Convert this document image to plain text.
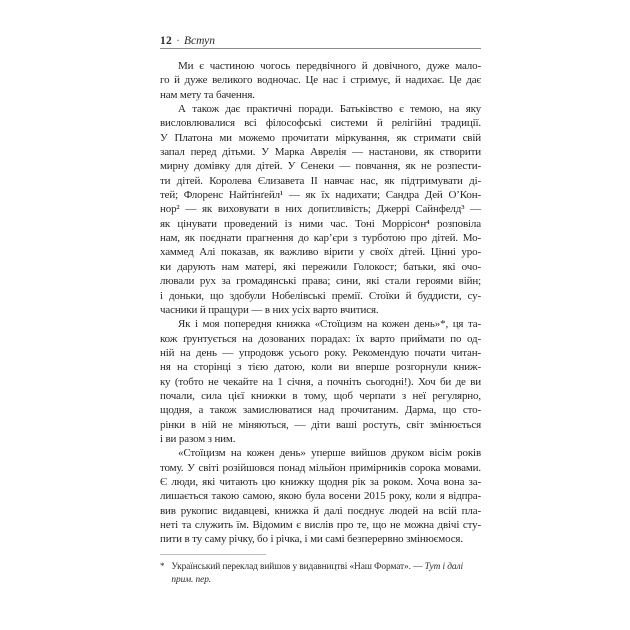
12 · Вступ
Ми є частиною чогось передвічного й довічного, дуже мало-
го й дуже великого водночас. Це нас і стримує, й надихає. Це дає
нам мету та бачення.
А також дає практичні поради. Батьківство є темою, на яку
висловлювалися всі філософські системи й релігійні традиції.
У Платона ми можемо прочитати міркування, як стримати свій
запал перед дітьми. У Марка Аврелія — настанови, як створити
мирну домівку для дітей. У Сенеки — повчання, як не розпести-
ти дітей. Королева Єлизавета II навчає нас, як підтримувати ді-
тей; Флоренс Найтінґейл¹ — як їх надихати; Сандра Дей О’Кон-
нор² — як виховувати в них допитливість; Джеррі Сайнфелд³ —
як цінувати проведений із ними час. Тоні Моррісон⁴ розповіла
нам, як поєднати прагнення до кар’єри з турботою про дітей. Мо-
хаммед Алі показав, як важливо вірити у своїх дітей. Цінні уро-
ки дарують нам матері, які пережили Голокост; батьки, які очо-
лювали рух за громадянські права; сини, які стали героями війн;
і доньки, що здобули Нобелівські премії. Стоїки й буддисти, су-
часники й пращури — в них усіх варто вчитися.
Як і моя попередня книжка «Стоїцизм на кожен день»*, ця та-
кож ґрунтується на дозованих порадах: їх варто приймати по од-
ній на день — упродовж усього року. Рекомендую почати читан-
ня на сторінці з тією датою, коли ви вперше розгорнули книж-
ку (тобто не чекайте на 1 січня, а почніть сьогодні!). Хоч би де ви
почали, сила цієї книжки в тому, щоб черпати з неї регулярно,
щодня, а також замислюватися над прочитаним. Дарма, що сто-
рінки в ній не міняються, — діти ваші ростуть, світ змінюється
і ви разом з ним.
«Стоїцизм на кожен день» уперше вийшов друком вісім років
тому. У світі розійшовся понад мільйон примірників сорока мовами.
Є люди, які читають цю книжку щодня рік за роком. Хоча вона за-
лишається такою самою, якою була восени 2015 року, коли я відпра-
вив рукопис видавцеві, книжка й далі поєднує людей на всій пла-
неті та служить їм. Відомим є вислів про те, що не можна двічі сту-
пити в ту саму річку, бо і річка, і ми самі безперервно змінюємося.
* Український переклад вийшов у видавництві «Наш Формат». — Тут і далі прим. пер.
